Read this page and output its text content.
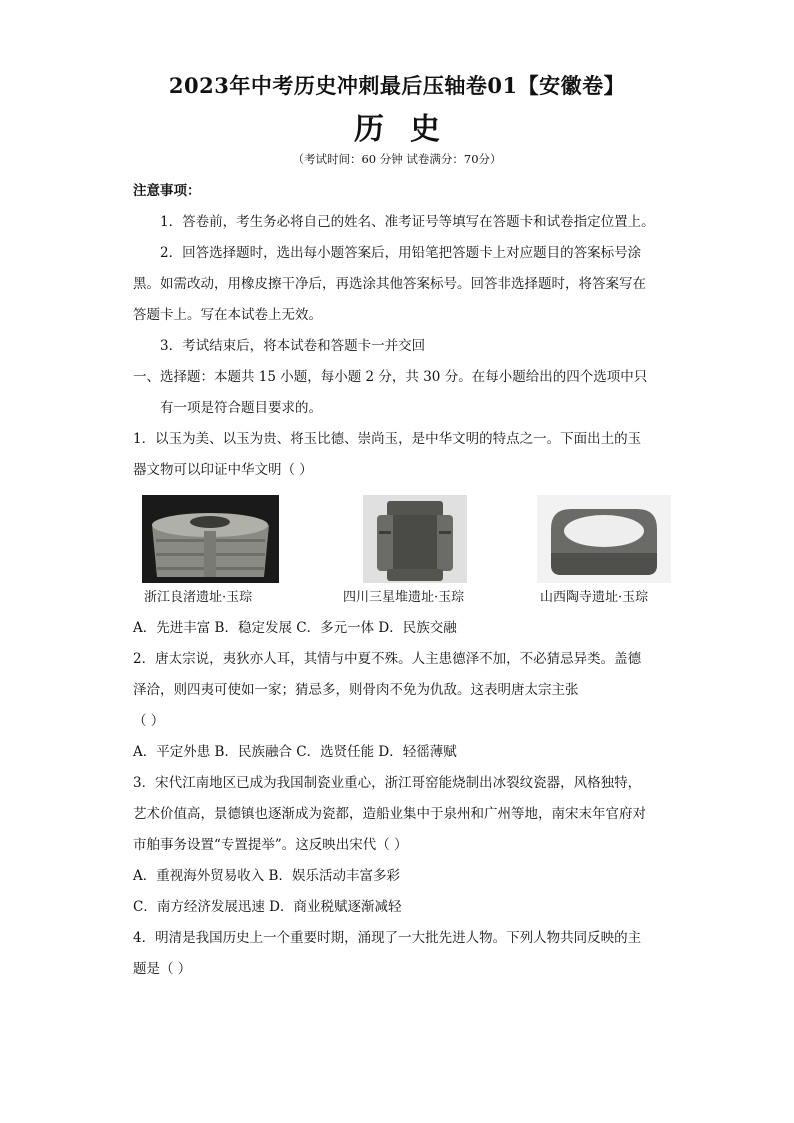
2023年中考历史冲刺最后压轴卷01【安徽卷】
历史
（考试时间：60 分钟 试卷满分：70分）
注意事项：
1．答卷前，考生务必将自己的姓名、准考证号等填写在答题卡和试卷指定位置上。
2．回答选择题时，选出每小题答案后，用铅笔把答题卡上对应题目的答案标号涂
黑。如需改动，用橡皮擦干净后，再选涂其他答案标号。回答非选择题时，将答案写在
答题卡上。写在本试卷上无效。
3．考试结束后，将本试卷和答题卡一并交回
一、选择题：本题共 15 小题，每小题 2 分，共 30 分。在每小题给出的四个选项中只
有一项是符合题目要求的。
1．以玉为美、以玉为贵、将玉比德、崇尚玉，是中华文明的特点之一。下面出土的玉
器文物可以印证中华文明（ ）
浙江良渚遗址·玉琮	四川三星堆遗址·玉琮	山西陶寺遗址·玉琮
A．先进丰富 B．稳定发展 C．多元一体 D．民族交融
2．唐太宗说，夷狄亦人耳，其情与中夏不殊。人主患德泽不加，不必猜忌异类。盖德
泽洽，则四夷可使如一家；猜忌多，则骨肉不免为仇敌。这表明唐太宗主张
（ ）
A．平定外患 B．民族融合 C．选贤任能 D．轻徭薄赋
3．宋代江南地区已成为我国制瓷业重心，浙江哥窑能烧制出冰裂纹瓷器，风格独特，
艺术价值高，景德镇也逐渐成为瓷都，造船业集中于泉州和广州等地，南宋末年官府对
市舶事务设置“专置提举”。这反映出宋代（ ）
A．重视海外贸易收入 B．娱乐活动丰富多彩
C．南方经济发展迅速 D．商业税赋逐渐减轻
4．明清是我国历史上一个重要时期，涌现了一大批先进人物。下列人物共同反映的主
题是（ ）
